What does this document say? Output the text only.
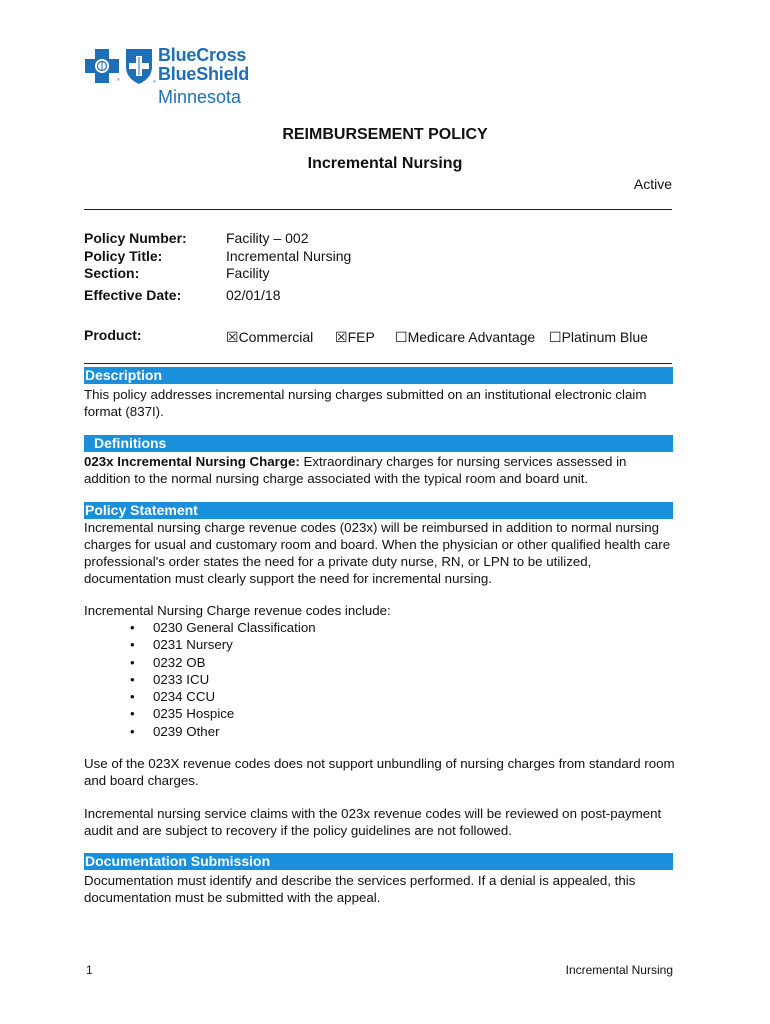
®	®
BlueCross
BlueShield
Minnesota
REIMBURSEMENT POLICY
Incremental Nursing
Active
Policy Number:	Facility – 002
Policy Title:	Incremental Nursing
Section:	Facility
Effective Date:	02/01/18
Product:	☒Commercial ☒FEP ☐Medicare Advantage ☐Platinum Blue
Description
This policy addresses incremental nursing charges submitted on an institutional electronic claim format (837I).
Definitions
023x Incremental Nursing Charge: Extraordinary charges for nursing services assessed in addition to the normal nursing charge associated with the typical room and board unit.
Policy Statement
Incremental nursing charge revenue codes (023x) will be reimbursed in addition to normal nursing charges for usual and customary room and board. When the physician or other qualified health care professional's order states the need for a private duty nurse, RN, or LPN to be utilized, documentation must clearly support the need for incremental nursing.
Incremental Nursing Charge revenue codes include:
• 0230 General Classification
• 0231 Nursery
• 0232 OB
• 0233 ICU
• 0234 CCU
• 0235 Hospice
• 0239 Other
Use of the 023X revenue codes does not support unbundling of nursing charges from standard room and board charges.
Incremental nursing service claims with the 023x revenue codes will be reviewed on post-payment audit and are subject to recovery if the policy guidelines are not followed.
Documentation Submission
Documentation must identify and describe the services performed. If a denial is appealed, this documentation must be submitted with the appeal.
1	Incremental Nursing
